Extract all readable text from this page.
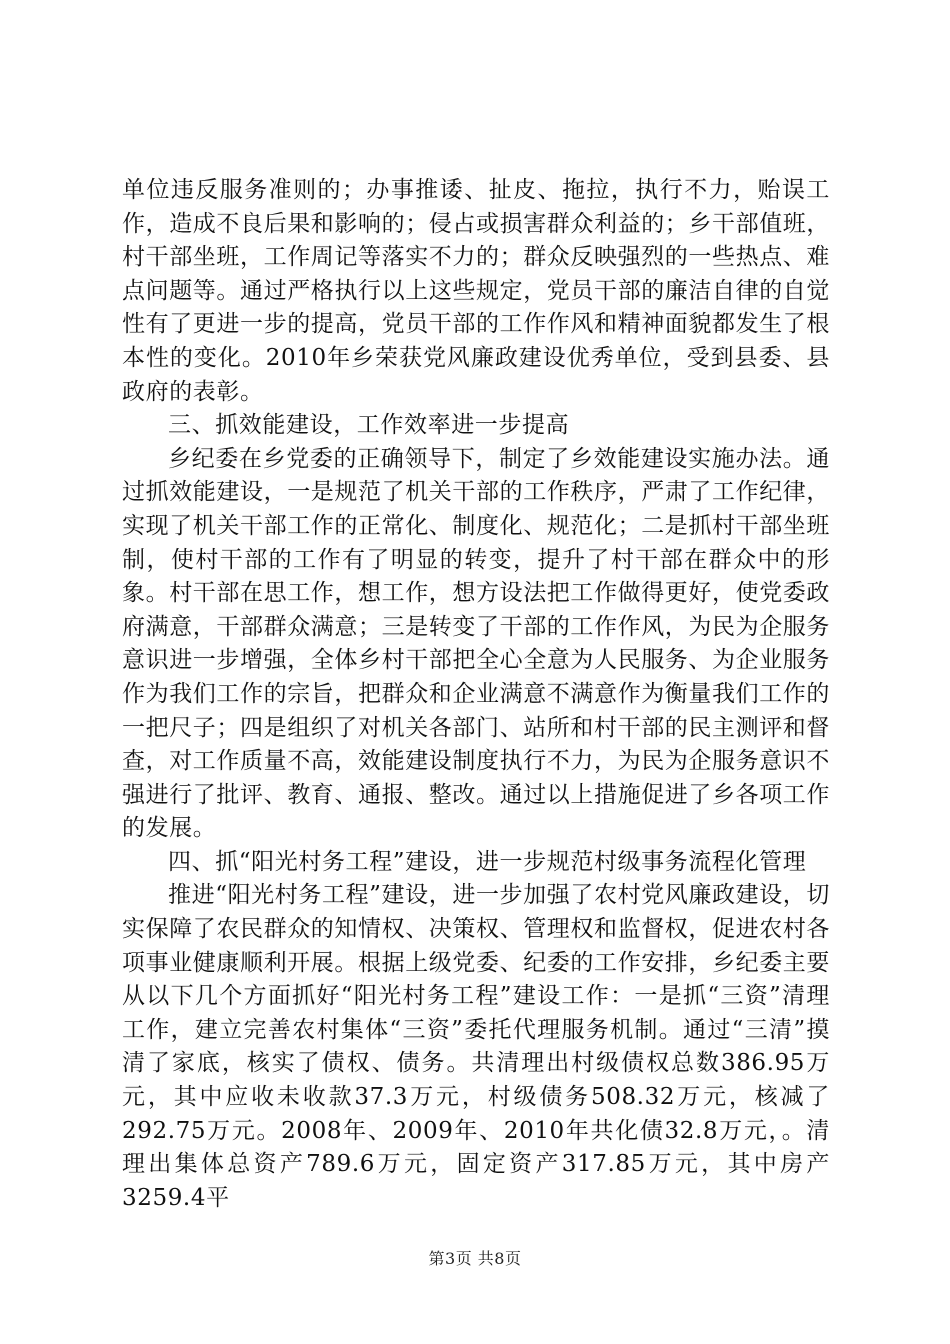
单位违反服务准则的；办事推诿、扯皮、拖拉，执行不力，贻误工作，造成不良后果和影响的；侵占或损害群众利益的；乡干部值班，村干部坐班，工作周记等落实不力的；群众反映强烈的一些热点、难点问题等。通过严格执行以上这些规定，党员干部的廉洁自律的自觉性有了更进一步的提高，党员干部的工作作风和精神面貌都发生了根本性的变化。2010年乡荣获党风廉政建设优秀单位，受到县委、县政府的表彰。

三、抓效能建设，工作效率进一步提高

乡纪委在乡党委的正确领导下，制定了乡效能建设实施办法。通过抓效能建设，一是规范了机关干部的工作秩序，严肃了工作纪律，实现了机关干部工作的正常化、制度化、规范化；二是抓村干部坐班制，使村干部的工作有了明显的转变，提升了村干部在群众中的形象。村干部在思工作，想工作，想方设法把工作做得更好，使党委政府满意，干部群众满意；三是转变了干部的工作作风，为民为企服务意识进一步增强，全体乡村干部把全心全意为人民服务、为企业服务作为我们工作的宗旨，把群众和企业满意不满意作为衡量我们工作的一把尺子；四是组织了对机关各部门、站所和村干部的民主测评和督查，对工作质量不高，效能建设制度执行不力，为民为企服务意识不强进行了批评、教育、通报、整改。通过以上措施促进了乡各项工作的发展。

四、抓“阳光村务工程”建设，进一步规范村级事务流程化管理

推进“阳光村务工程”建设，进一步加强了农村党风廉政建设，切实保障了农民群众的知情权、决策权、管理权和监督权，促进农村各项事业健康顺利开展。根据上级党委、纪委的工作安排，乡纪委主要从以下几个方面抓好“阳光村务工程”建设工作：一是抓“三资”清理工作，建立完善农村集体“三资”委托代理服务机制。通过“三清”摸清了家底，核实了债权、债务。共清理出村级债权总数386.95万元，其中应收未收款37.3万元，村级债务508.32万元，核减了292.75万元。2008年、2009年、2010年共化债32.8万元，。清理出集体总资产789.6万元，固定资产317.85万元，其中房产3259.4平

第3页 共8页
